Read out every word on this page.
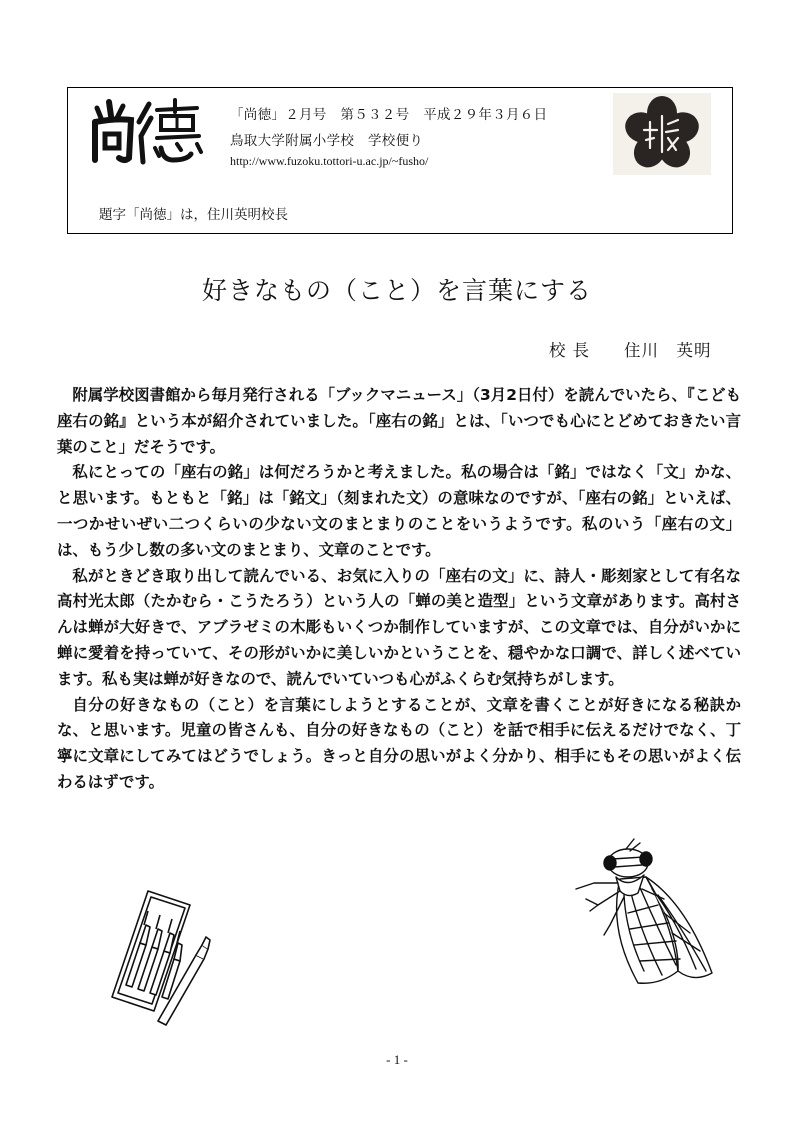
「尚徳」２月号　第５３２号　平成２９年３月６日
鳥取大学附属小学校　学校便り
http://www.fuzoku.tottori-u.ac.jp/~fusho/
題字「尚徳」は，住川英明校長
好きなもの（こと）を言葉にする
校長 住川　英明

附属学校図書館から毎月発行される「ブックマニュース」（3月2日付）を読んでいたら、『こども座右の銘』という本が紹介されていました。「座右の銘」とは、「いつでも心にとどめておきたい言葉のこと」だそうです。

私にとっての「座右の銘」は何だろうかと考えました。私の場合は「銘」ではなく「文」かな、と思います。もともと「銘」は「銘文」（刻まれた文）の意味なのですが、「座右の銘」といえば、一つかせいぜい二つくらいの少ない文のまとまりのことをいうようです。私のいう「座右の文」は、もう少し数の多い文のまとまり、文章のことです。

私がときどき取り出して読んでいる、お気に入りの「座右の文」に、詩人・彫刻家として有名な高村光太郎（たかむら・こうたろう）という人の「蝉の美と造型」という文章があります。高村さんは蝉が大好きで、アブラゼミの木彫もいくつか制作していますが、この文章では、自分がいかに蝉に愛着を持っていて、その形がいかに美しいかということを、穏やかな口調で、詳しく述べています。私も実は蝉が好きなので、読んでいていつも心がふくらむ気持ちがします。

自分の好きなもの（こと）を言葉にしようとすることが、文章を書くことが好きになる秘訣かな、と思います。児童の皆さんも、自分の好きなもの（こと）を話で相手に伝えるだけでなく、丁寧に文章にしてみてはどうでしょう。きっと自分の思いがよく分かり、相手にもその思いがよく伝わるはずです。

- 1 -
